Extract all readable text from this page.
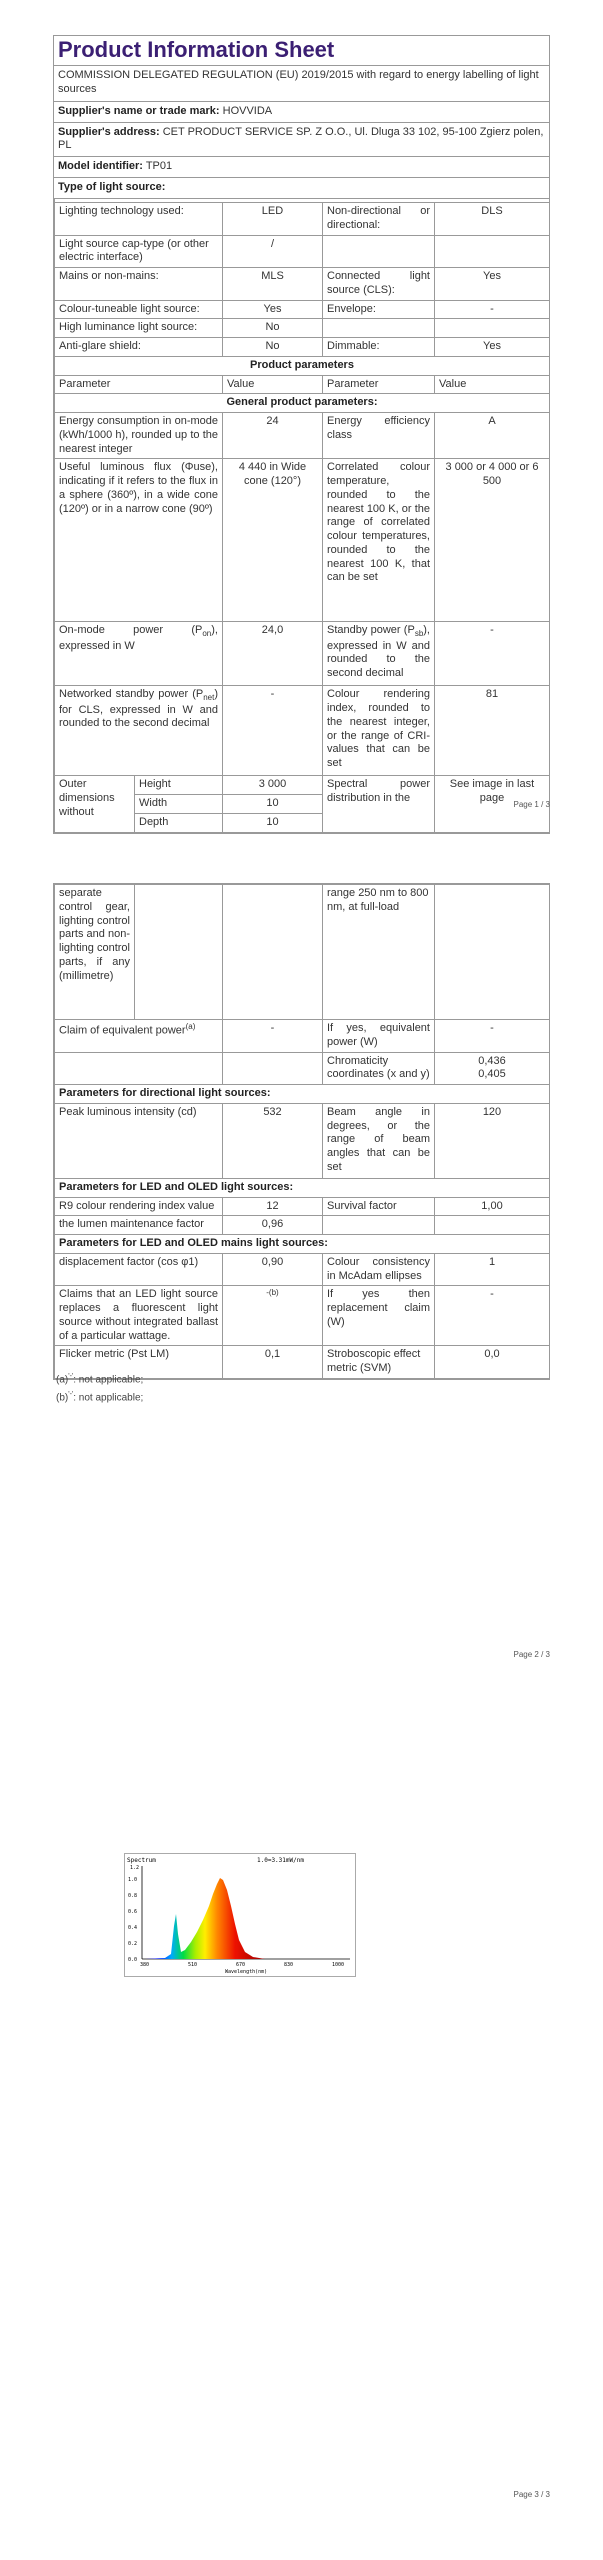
Product Information Sheet
COMMISSION DELEGATED REGULATION (EU) 2019/2015 with regard to energy labelling of light sources
Supplier's name or trade mark: HOVVIDA
Supplier's address: CET PRODUCT SERVICE SP. Z O.O., Ul. Dluga 33 102, 95-100 Zgierz polen, PL
Model identifier: TP01
Type of light source:

Lighting technology used:	LED	Non-directional or directional:	DLS
Light source cap-type (or other electric interface)	/		
Mains or non-mains:	MLS	Connected light source (CLS):	Yes
Colour-tuneable light source:	Yes	Envelope:	-
High luminance light source:	No		
Anti-glare shield:	No	Dimmable:	Yes
Product parameters			
Parameter	Value	Parameter	Value
General product parameters:			
Energy consumption in on-mode (kWh/1000 h), rounded up to the nearest integer	24	Energy efficiency class	A
Useful luminous flux (Φuse), indicating if it refers to the flux in a sphere (360º), in a wide cone (120º) or in a narrow cone (90º)	4 440 in Wide cone (120°)	Correlated colour temperature, rounded to the nearest 100 K, or the range of correlated colour temperatures, rounded to the nearest 100 K, that can be set	3 000 or 4 000 or 6 500
On-mode power $(P_{on})$, expressed in W	24,0	Standby power $(P_{sb})$, expressed in W and rounded to the second decimal	-
Networked standby power $(P_{net})$ for CLS, expressed in W and rounded to the second decimal	-	Colour rendering index, rounded to the nearest integer, or the range of CRI-values that can be set	81
Outer dimensions without	Height	3 000	Spectral power distribution in the	See image in last page
	Width	10		
	Depth	10		
Page 1 / 3
separate control gear, lighting control parts and non-lighting control parts, if any (millimetre)			range 250 nm to 800 nm, at full-load	
Claim of equivalent power$^{(a)}$		-	If yes, equivalent power (W)	-
			Chromaticity coordinates (x and y)	0,436
0,405

Parameters for directional light sources:				
Peak luminous intensity (cd)		532	Beam angle in degrees, or the range of beam angles that can be set	120
Parameters for LED and OLED light sources:				
R9 colour rendering index value		12	Survival factor	1,00
the lumen maintenance factor		0,96		
Parameters for LED and OLED mains light sources:				
displacement factor (cos φ1)		0,90	Colour consistency in McAdam ellipses	1
Claims that an LED light source replaces a fluorescent light source without integrated ballast of a particular wattage.		-(b)	If yes then replacement claim (W)	-
Flicker metric (Pst LM)		0,1	Stroboscopic effect metric (SVM)	0,0
(a)'-': not applicable;
(b)'-': not applicable;
Page 2 / 3
Spectrum	1.0=3.31mW/nm
1.2
1.0
0.8
0.6
0.4
0.2
0.0
380	510	670	830	1000
Wavelength(nm)
Page 3 / 3
